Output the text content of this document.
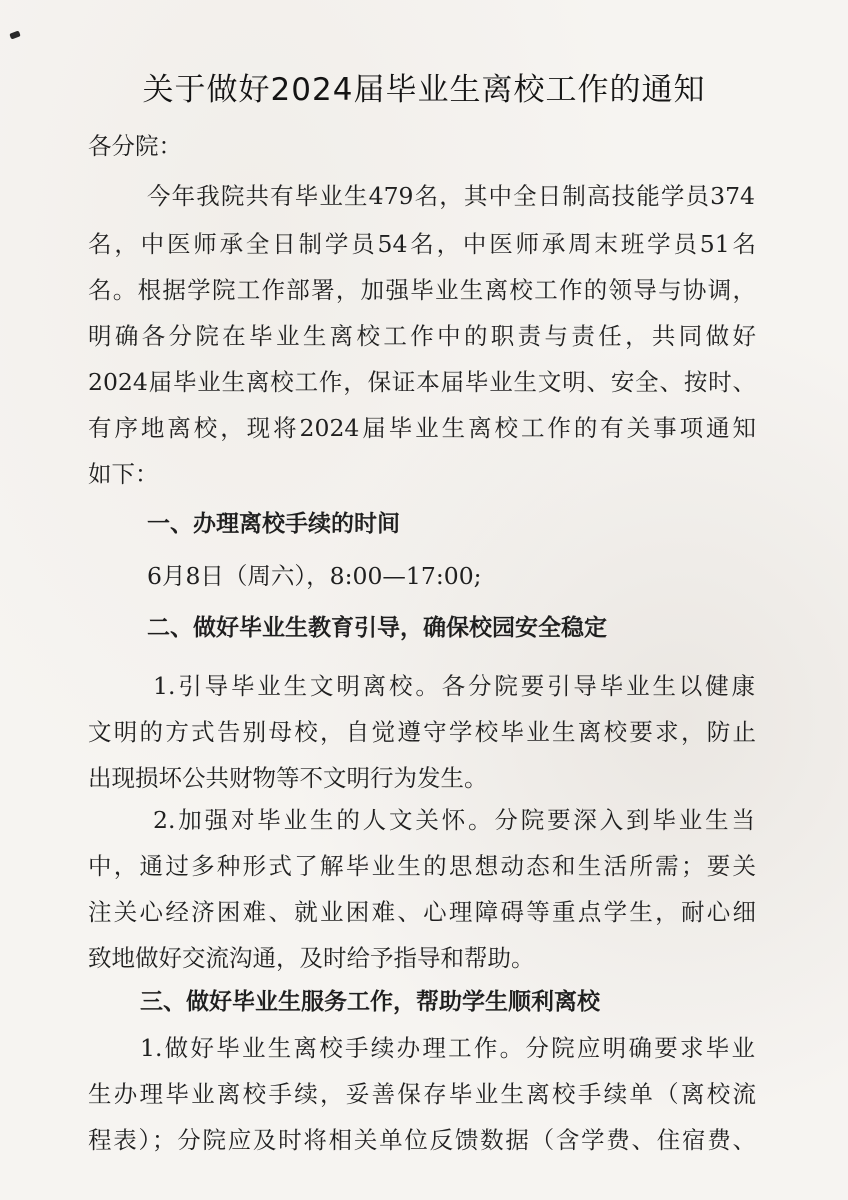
关于做好2024届毕业生离校工作的通知
各分院：
今年我院共有毕业生479名，其中全日制高技能学员374
名，中医师承全日制学员54名，中医师承周末班学员51名
名。根据学院工作部署，加强毕业生离校工作的领导与协调，
明确各分院在毕业生离校工作中的职责与责任，共同做好
2024届毕业生离校工作，保证本届毕业生文明、安全、按时、
有序地离校，现将2024届毕业生离校工作的有关事项通知
如下：
一、办理离校手续的时间
6月8日（周六），8:00—17:00;
二、做好毕业生教育引导，确保校园安全稳定
1.引导毕业生文明离校。各分院要引导毕业生以健康
文明的方式告别母校，自觉遵守学校毕业生离校要求，防止
出现损坏公共财物等不文明行为发生。
2.加强对毕业生的人文关怀。分院要深入到毕业生当
中，通过多种形式了解毕业生的思想动态和生活所需；要关
注关心经济困难、就业困难、心理障碍等重点学生，耐心细
致地做好交流沟通，及时给予指导和帮助。
三、做好毕业生服务工作，帮助学生顺利离校
1.做好毕业生离校手续办理工作。分院应明确要求毕业
生办理毕业离校手续，妥善保存毕业生离校手续单（离校流
程表）；分院应及时将相关单位反馈数据（含学费、住宿费、
